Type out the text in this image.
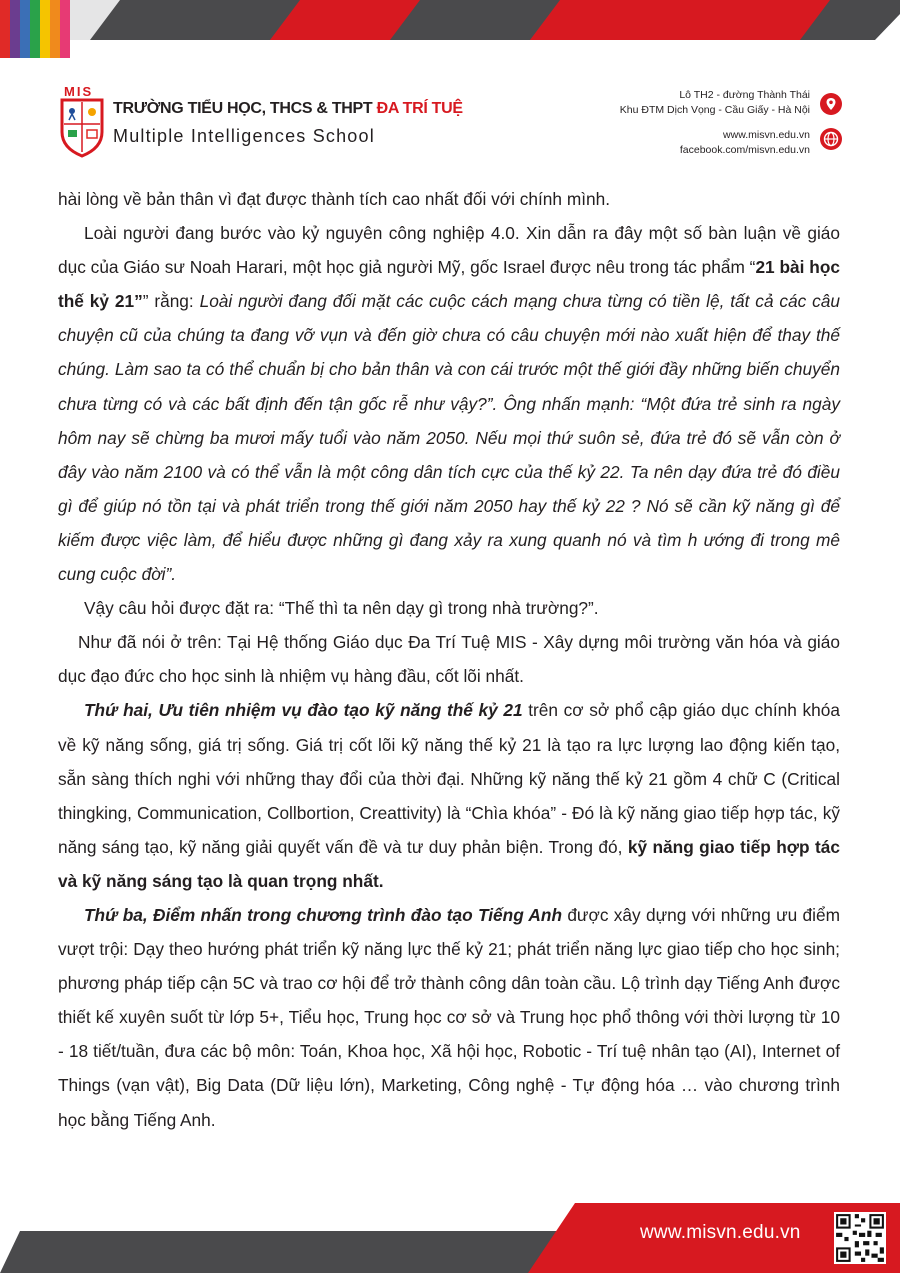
MIS
TRƯỜNG TIỂU HỌC, THCS & THPT ĐA TRÍ TUỆ
Multiple Intelligences School
Lô TH2 - đường Thành Thái
Khu ĐTM Dịch Vọng - Cầu Giấy - Hà Nội
www.misvn.edu.vn
facebook.com/misvn.edu.vn

hài lòng về bản thân vì đạt được thành tích cao nhất đối với chính mình.

Loài người đang bước vào kỷ nguyên công nghiệp 4.0. Xin dẫn ra đây một số bàn luận về giáo dục của Giáo sư Noah Harari, một học giả người Mỹ, gốc Israel được nêu trong tác phẩm “21 bài học thế kỷ 21”” rằng: Loài người đang đối mặt các cuộc cách mạng chưa từng có tiền lệ, tất cả các câu chuyện cũ của chúng ta đang vỡ vụn và đến giờ chưa có câu chuyện mới nào xuất hiện để thay thế chúng. Làm sao ta có thể chuẩn bị cho bản thân và con cái trước một thế giới đầy những biến chuyển chưa từng có và các bất định đến tận gốc rễ như vậy?”. Ông nhấn mạnh: “Một đứa trẻ sinh ra ngày hôm nay sẽ chừng ba mươi mấy tuổi vào năm 2050. Nếu mọi thứ suôn sẻ, đứa trẻ đó sẽ vẫn còn ở đây vào năm 2100 và có thể vẫn là một công dân tích cực của thế kỷ 22. Ta nên dạy đứa trẻ đó điều gì để giúp nó tồn tại và phát triển trong thế giới năm 2050 hay thế kỷ 22 ? Nó sẽ cần kỹ năng gì để kiếm được việc làm, để hiểu được những gì đang xảy ra xung quanh nó và tìm h ướng đi trong mê cung cuộc đời”.

Vậy câu hỏi được đặt ra: “Thế thì ta nên dạy gì trong nhà trường?”.

Như đã nói ở trên: Tại Hệ thống Giáo dục Đa Trí Tuệ MIS - Xây dựng môi trường văn hóa và giáo dục đạo đức cho học sinh là nhiệm vụ hàng đầu, cốt lõi nhất.

Thứ hai, Ưu tiên nhiệm vụ đào tạo kỹ năng thế kỷ 21 trên cơ sở phổ cập giáo dục chính khóa về kỹ năng sống, giá trị sống. Giá trị cốt lõi kỹ năng thế kỷ 21 là tạo ra lực lượng lao động kiến tạo, sẵn sàng thích nghi với những thay đổi của thời đại. Những kỹ năng thế kỷ 21 gồm 4 chữ C (Critical thingking, Communication, Collbortion, Creattivity) là “Chìa khóa” - Đó là kỹ năng giao tiếp hợp tác, kỹ năng sáng tạo, kỹ năng giải quyết vấn đề và tư duy phản biện. Trong đó, kỹ năng giao tiếp hợp tác và kỹ năng sáng tạo là quan trọng nhất.

Thứ ba, Điểm nhấn trong chương trình đào tạo Tiếng Anh được xây dựng với những ưu điểm vượt trội: Dạy theo hướng phát triển kỹ năng lực thế kỷ 21; phát triển năng lực giao tiếp cho học sinh; phương pháp tiếp cận 5C và trao cơ hội để trở thành công dân toàn cầu. Lộ trình dạy Tiếng Anh được thiết kế xuyên suốt từ lớp 5+, Tiểu học, Trung học cơ sở và Trung học phổ thông với thời lượng từ 10 - 18 tiết/tuần, đưa các bộ môn: Toán, Khoa học, Xã hội học, Robotic - Trí tuệ nhân tạo (AI), Internet of Things (vạn vật), Big Data (Dữ liệu lớn), Marketing, Công nghệ - Tự động hóa … vào chương trình học bằng Tiếng Anh.

www.misvn.edu.vn
